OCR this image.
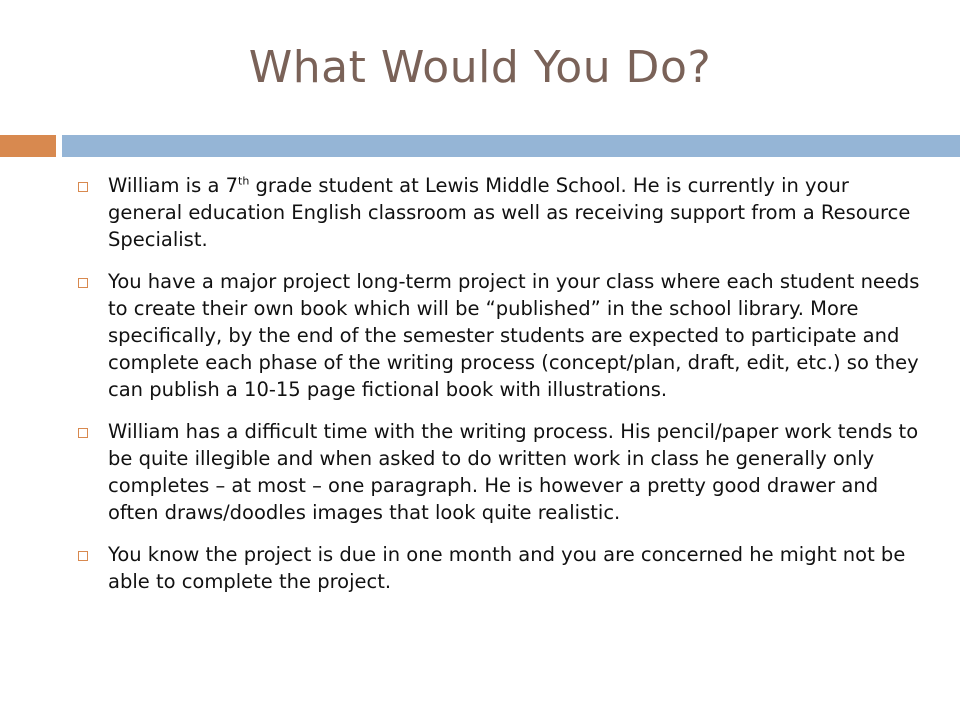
What Would You Do?
William is a 7th grade student at Lewis Middle School. He is currently in your general education English classroom as well as receiving support from a Resource Specialist.
You have a major project long-term project in your class where each student needs to create their own book which will be “published” in the school library. More specifically, by the end of the semester students are expected to participate and complete each phase of the writing process (concept/plan, draft, edit, etc.) so they can publish a 10-15 page fictional book with illustrations.
William has a difficult time with the writing process. His pencil/paper work tends to be quite illegible and when asked to do written work in class he generally only completes – at most – one paragraph. He is however a pretty good drawer and often draws/doodles images that look quite realistic.
You know the project is due in one month and you are concerned he might not be able to complete the project.
